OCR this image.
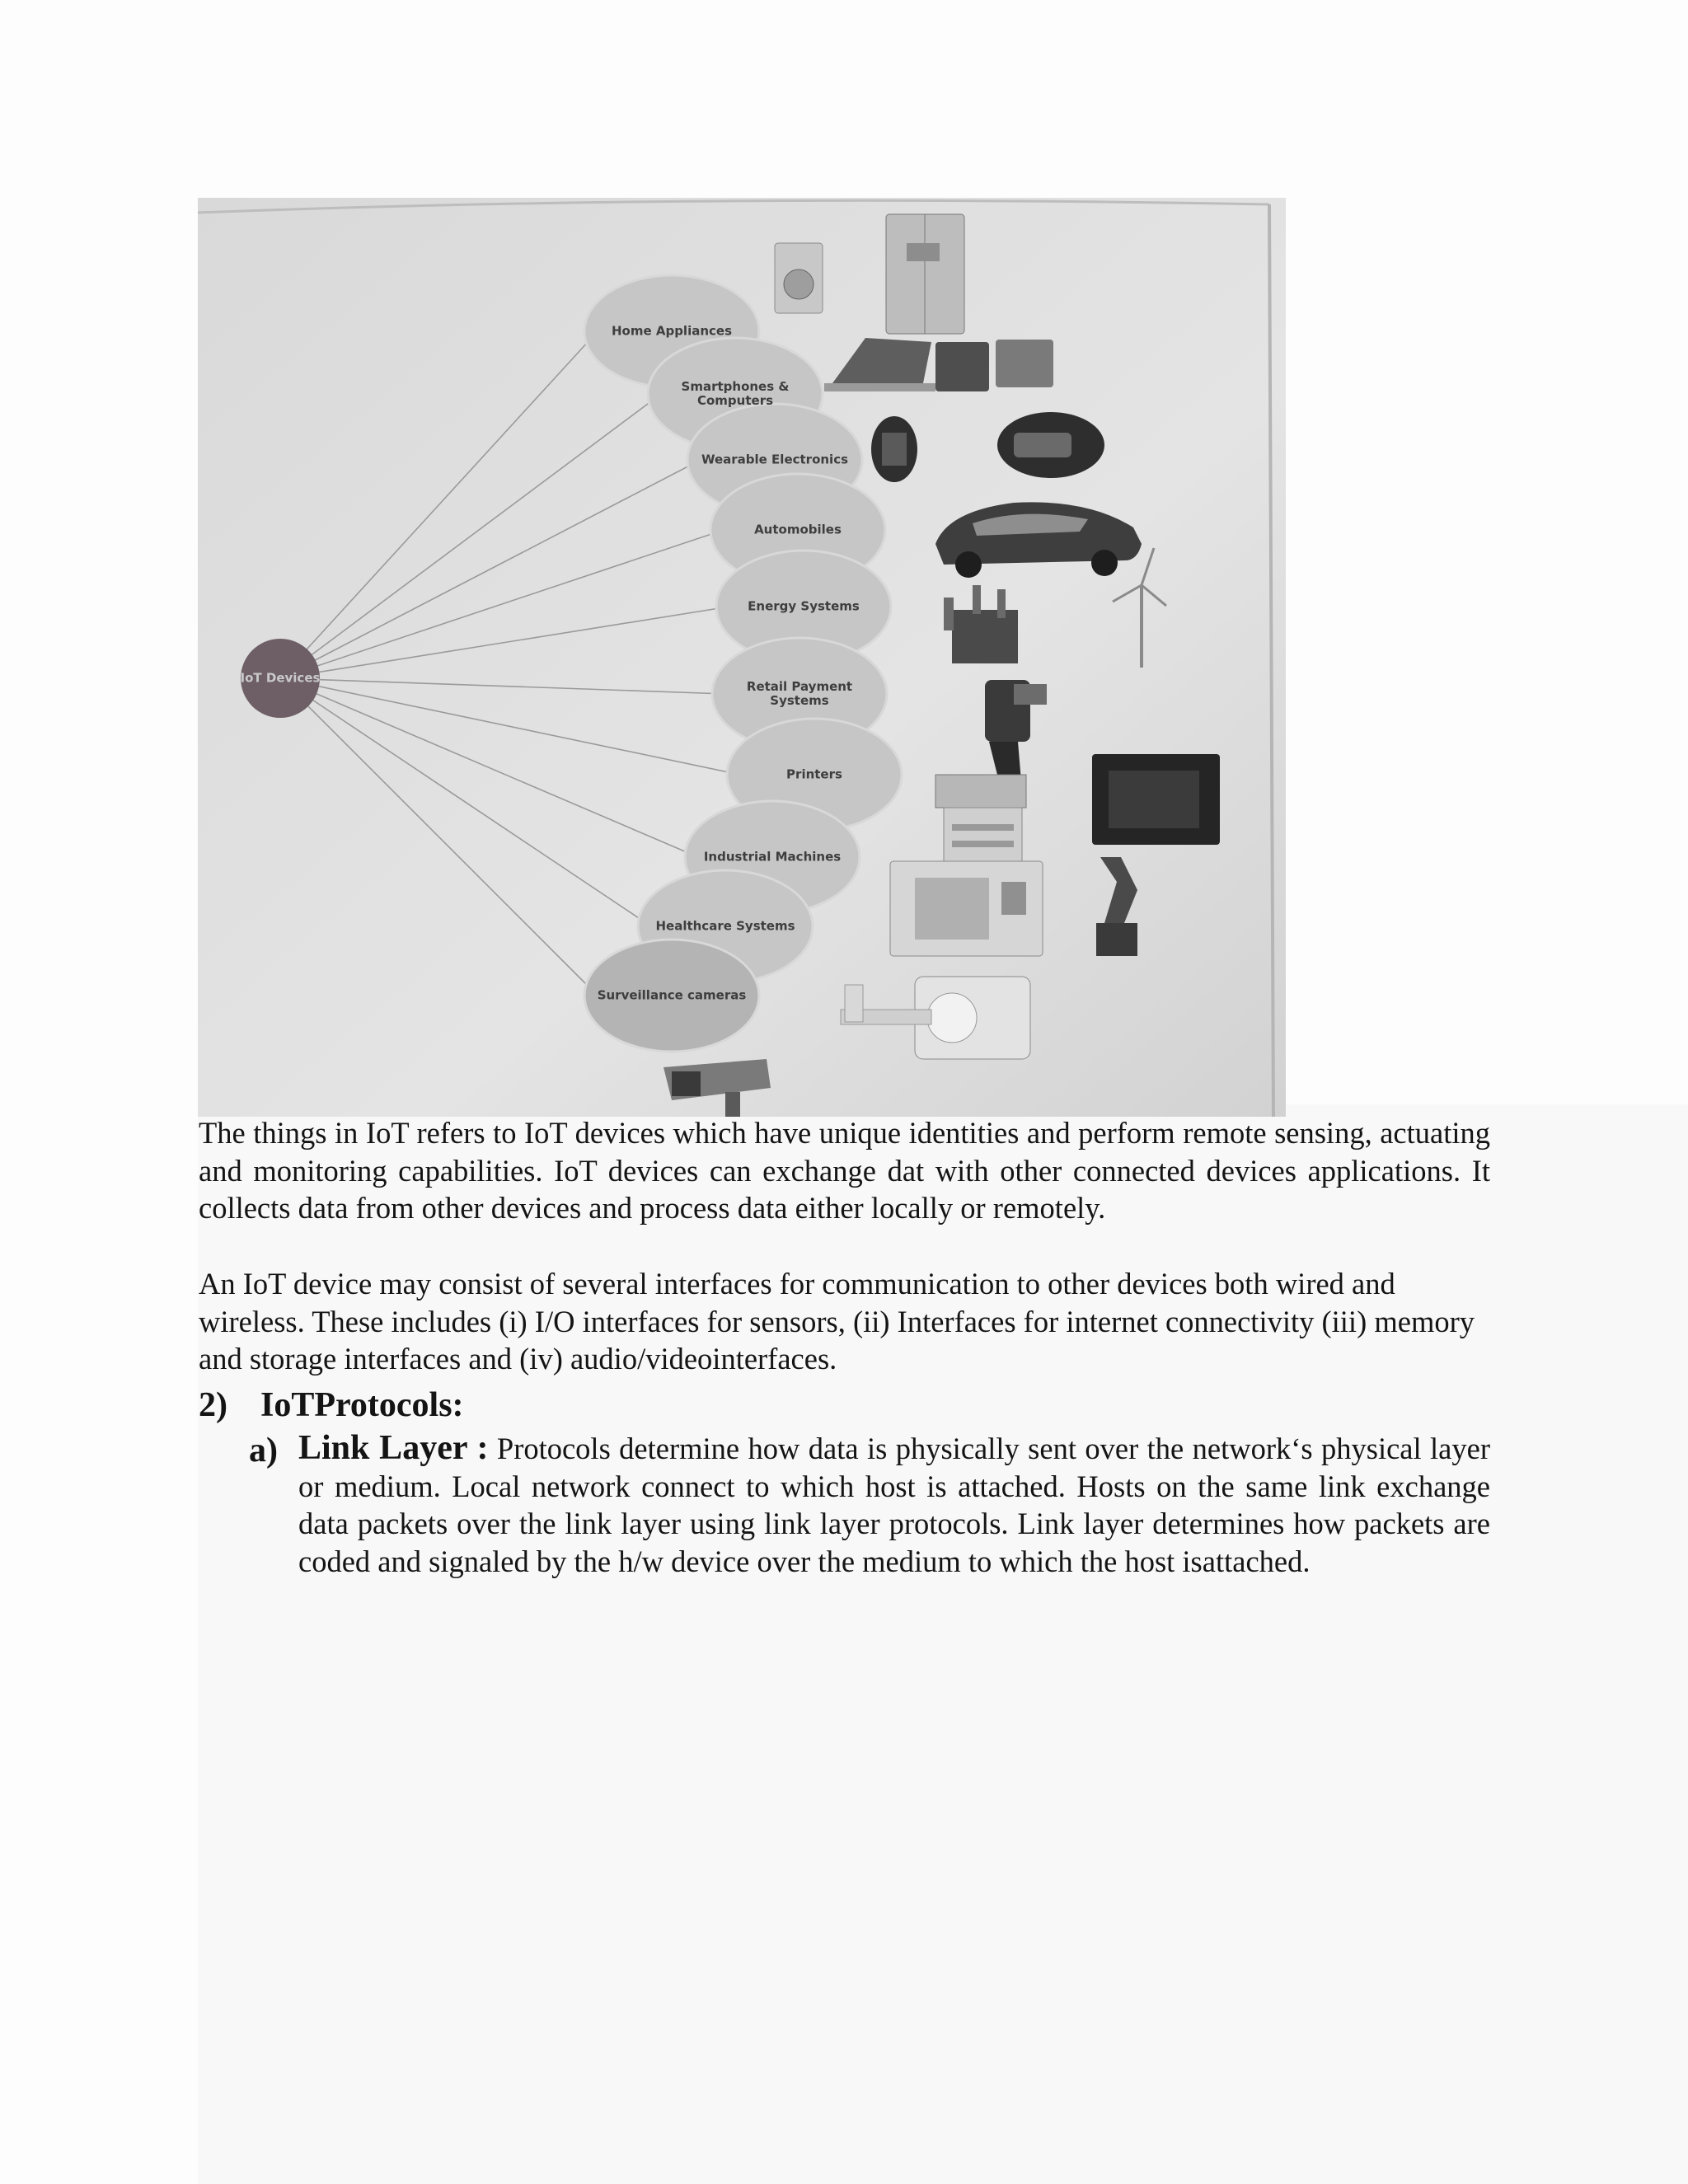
Home Appliances
Smartphones & Computers
Wearable Electronics
Automobiles
Energy Systems
Retail Payment Systems
Printers
Industrial Machines
Healthcare Systems
Surveillance cameras
IoT Devices

The things in IoT refers to IoT devices which have unique identities and perform remote sensing, actuating and monitoring capabilities. IoT devices can exchange dat with other connected devices applications. It collects data from other devices and process data either locally or remotely.

An IoT device may consist of several interfaces for communication to other devices both wired and wireless. These includes (i) I/O interfaces for sensors, (ii) Interfaces for internet connectivity (iii) memory and storage interfaces and (iv) audio/videointerfaces.

2) IoTProtocols:
a) Link Layer : Protocols determine how data is physically sent over the network‘s physical layer or medium. Local network connect to which host is attached. Hosts on the same link exchange data packets over the link layer using link layer protocols. Link layer determines how packets are coded and signaled by the h/w device over the medium to which the host isattached.
